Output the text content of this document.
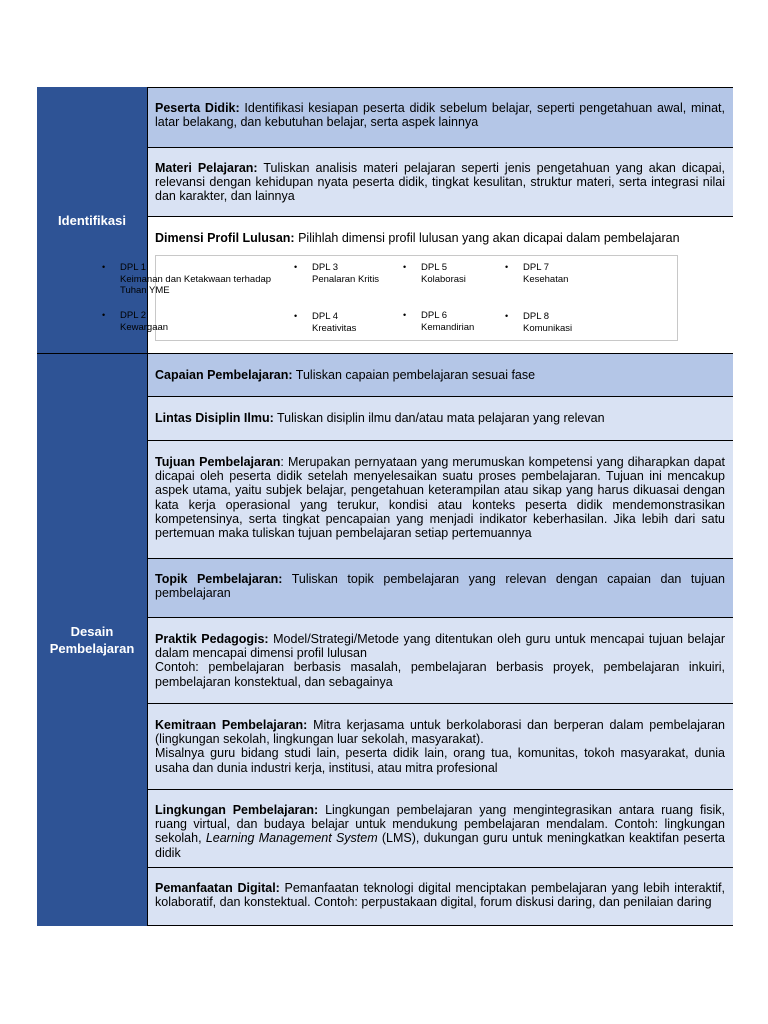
Identifikasi
Desain Pembelajaran
Peserta Didik: Identifikasi kesiapan peserta didik sebelum belajar, seperti pengetahuan awal, minat, latar belakang, dan kebutuhan belajar, serta aspek lainnya
Materi Pelajaran: Tuliskan analisis materi pelajaran seperti jenis pengetahuan yang akan dicapai, relevansi dengan kehidupan nyata peserta didik, tingkat kesulitan, struktur materi, serta integrasi nilai dan karakter, dan lainnya
Dimensi Profil Lulusan: Pilihlah dimensi profil lulusan yang akan dicapai dalam pembelajaran
• DPL 1
Keimanan dan Ketakwaan terhadap Tuhan YME
• DPL 2
Kewargaan
• DPL 3
Penalaran Kritis
• DPL 4
Kreativitas
• DPL 5
Kolaborasi
• DPL 6
Kemandirian
• DPL 7
Kesehatan
• DPL 8
Komunikasi
Capaian Pembelajaran: Tuliskan capaian pembelajaran sesuai fase
Lintas Disiplin Ilmu: Tuliskan disiplin ilmu dan/atau mata pelajaran yang relevan
Tujuan Pembelajaran: Merupakan pernyataan yang merumuskan kompetensi yang diharapkan dapat dicapai oleh peserta didik setelah menyelesaikan suatu proses pembelajaran. Tujuan ini mencakup aspek utama, yaitu subjek belajar, pengetahuan keterampilan atau sikap yang harus dikuasai dengan kata kerja operasional yang terukur, kondisi atau konteks peserta didik mendemonstrasikan kompetensinya, serta tingkat pencapaian yang menjadi indikator keberhasilan. Jika lebih dari satu pertemuan maka tuliskan tujuan pembelajaran setiap pertemuannya
Topik Pembelajaran: Tuliskan topik pembelajaran yang relevan dengan capaian dan tujuan pembelajaran
Praktik Pedagogis: Model/Strategi/Metode yang ditentukan oleh guru untuk mencapai tujuan belajar dalam mencapai dimensi profil lulusan
Contoh: pembelajaran berbasis masalah, pembelajaran berbasis proyek, pembelajaran inkuiri, pembelajaran konstektual, dan sebagainya
Kemitraan Pembelajaran: Mitra kerjasama untuk berkolaborasi dan berperan dalam pembelajaran (lingkungan sekolah, lingkungan luar sekolah, masyarakat).
Misalnya guru bidang studi lain, peserta didik lain, orang tua, komunitas, tokoh masyarakat, dunia usaha dan dunia industri kerja, institusi, atau mitra profesional
Lingkungan Pembelajaran: Lingkungan pembelajaran yang mengintegrasikan antara ruang fisik, ruang virtual, dan budaya belajar untuk mendukung pembelajaran mendalam. Contoh: lingkungan sekolah, Learning Management System (LMS), dukungan guru untuk meningkatkan keaktifan peserta didik
Pemanfaatan Digital: Pemanfaatan teknologi digital menciptakan pembelajaran yang lebih interaktif, kolaboratif, dan konstektual. Contoh: perpustakaan digital, forum diskusi daring, dan penilaian daring
